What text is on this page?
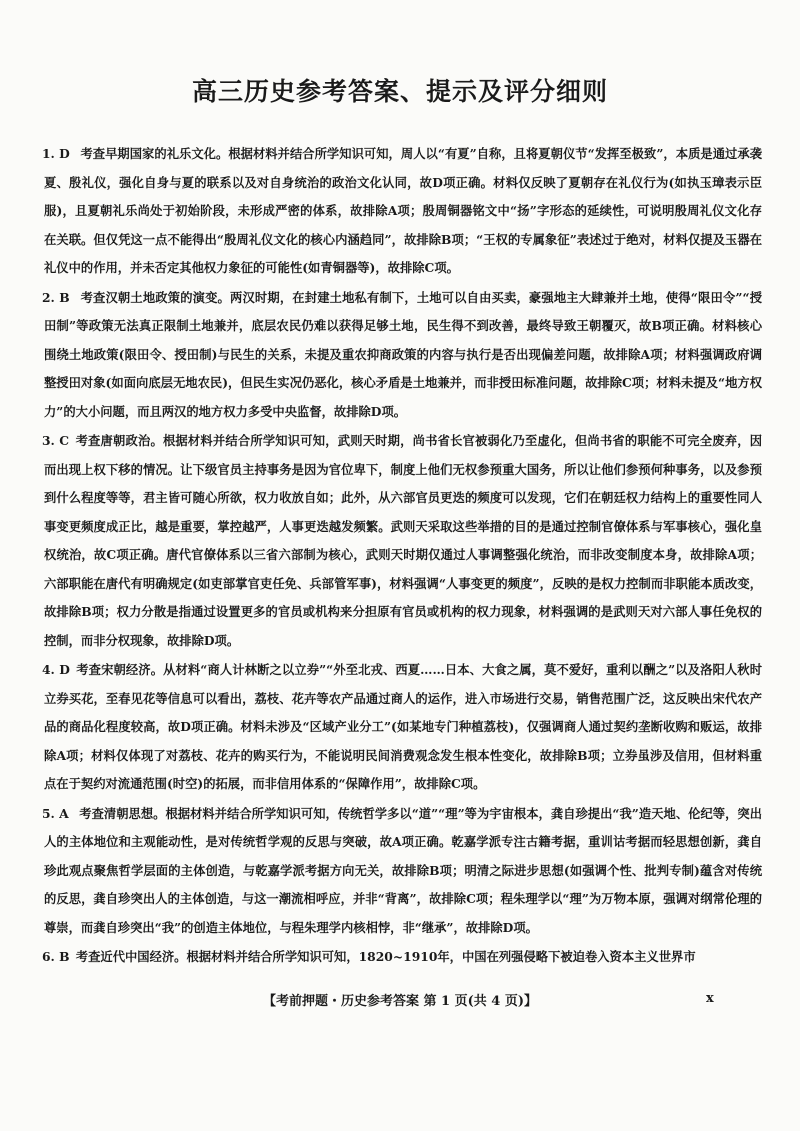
高三历史参考答案、提示及评分细则

1. D 考查早期国家的礼乐文化。根据材料并结合所学知识可知，周人以“有夏”自称，且将夏朝仪节“发挥至极致”，本质是通过承袭夏、殷礼仪，强化自身与夏的联系以及对自身统治的政治文化认同，故D项正确。材料仅反映了夏朝存在礼仪行为(如执玉璋表示臣服)，且夏朝礼乐尚处于初始阶段，未形成严密的体系，故排除A项；殷周铜器铭文中“扬”字形态的延续性，可说明殷周礼仪文化存在关联。但仅凭这一点不能得出“殷周礼仪文化的核心内涵趋同”，故排除B项；“王权的专属象征”表述过于绝对，材料仅提及玉器在礼仪中的作用，并未否定其他权力象征的可能性(如青铜器等)，故排除C项。

2. B 考查汉朝土地政策的演变。两汉时期，在封建土地私有制下，土地可以自由买卖，豪强地主大肆兼并土地，使得“限田令”“授田制”等政策无法真正限制土地兼并，底层农民仍难以获得足够土地，民生得不到改善，最终导致王朝覆灭，故B项正确。材料核心围绕土地政策(限田令、授田制)与民生的关系，未提及重农抑商政策的内容与执行是否出现偏差问题，故排除A项；材料强调政府调整授田对象(如面向底层无地农民)，但民生实况仍恶化，核心矛盾是土地兼并，而非授田标准问题，故排除C项；材料未提及“地方权力”的大小问题，而且两汉的地方权力多受中央监督，故排除D项。

3. C 考查唐朝政治。根据材料并结合所学知识可知，武则天时期，尚书省长官被弱化乃至虚化，但尚书省的职能不可完全废弃，因而出现上权下移的情况。让下级官员主持事务是因为官位卑下，制度上他们无权参预重大国务，所以让他们参预何种事务，以及参预到什么程度等等，君主皆可随心所欲，权力收放自如；此外，从六部官员更迭的频度可以发现，它们在朝廷权力结构上的重要性同人事变更频度成正比，越是重要，掌控越严，人事更迭越发频繁。武则天采取这些举措的目的是通过控制官僚体系与军事核心，强化皇权统治，故C项正确。唐代官僚体系以三省六部制为核心，武则天时期仅通过人事调整强化统治，而非改变制度本身，故排除A项；六部职能在唐代有明确规定(如吏部掌官吏任免、兵部管军事)，材料强调“人事变更的频度”，反映的是权力控制而非职能本质改变，故排除B项；权力分散是指通过设置更多的官员或机构来分担原有官员或机构的权力现象，材料强调的是武则天对六部人事任免权的控制，而非分权现象，故排除D项。

4. D 考查宋朝经济。从材料“商人计林断之以立券”“外至北戎、西夏……日本、大食之属，莫不爱好，重利以酬之”以及洛阳人秋时立券买花，至春见花等信息可以看出，荔枝、花卉等农产品通过商人的运作，进入市场进行交易，销售范围广泛，这反映出宋代农产品的商品化程度较高，故D项正确。材料未涉及“区域产业分工”(如某地专门种植荔枝)，仅强调商人通过契约垄断收购和贩运，故排除A项；材料仅体现了对荔枝、花卉的购买行为，不能说明民间消费观念发生根本性变化，故排除B项；立券虽涉及信用，但材料重点在于契约对流通范围(时空)的拓展，而非信用体系的“保障作用”，故排除C项。

5. A 考查清朝思想。根据材料并结合所学知识可知，传统哲学多以“道”“理”等为宇宙根本，龚自珍提出“我”造天地、伦纪等，突出人的主体地位和主观能动性，是对传统哲学观的反思与突破，故A项正确。乾嘉学派专注古籍考据，重训诂考据而轻思想创新，龚自珍此观点聚焦哲学层面的主体创造，与乾嘉学派考据方向无关，故排除B项；明清之际进步思想(如强调个性、批判专制)蕴含对传统的反思，龚自珍突出人的主体创造，与这一潮流相呼应，并非“背离”，故排除C项；程朱理学以“理”为万物本原，强调对纲常伦理的尊崇，而龚自珍突出“我”的创造主体地位，与程朱理学内核相悖，非“继承”，故排除D项。

6. B 考查近代中国经济。根据材料并结合所学知识可知，1820~1910年，中国在列强侵略下被迫卷入资本主义世界市

【考前押题・历史参考答案 第 1 页(共 4 页)】	x
